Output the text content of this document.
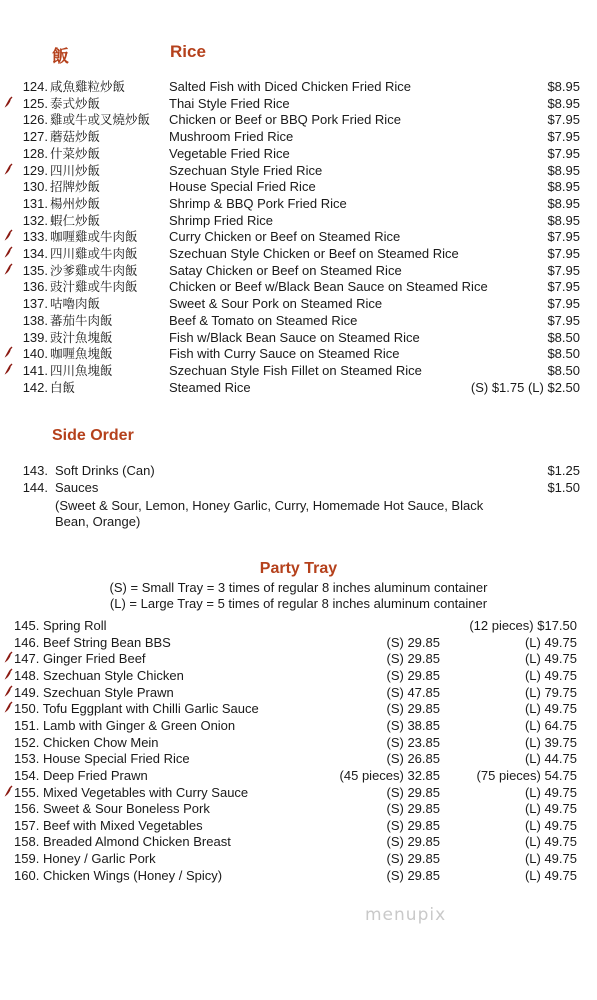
飯	Rice
124. 咸魚雞粒炒飯	Salted Fish with Diced Chicken Fried Rice	$8.95
125. 泰式炒飯	Thai Style Fried Rice	$8.95
126. 雞或牛或叉燒炒飯 Chicken or Beef or BBQ Pork Fried Rice	$7.95
127. 蘑菇炒飯	Mushroom Fried Rice	$7.95
128. 什菜炒飯	Vegetable Fried Rice	$7.95
129. 四川炒飯	Szechuan Style Fried Rice	$8.95
130. 招牌炒飯	House Special Fried Rice	$8.95
131. 楊州炒飯	Shrimp & BBQ Pork Fried Rice	$8.95
132. 蝦仁炒飯	Shrimp Fried Rice	$8.95
133. 咖喱雞或牛肉飯 Curry Chicken or Beef on Steamed Rice	$7.95
134. 四川雞或牛肉飯 Szechuan Style Chicken or Beef on Steamed Rice	$7.95
135. 沙爹雞或牛肉飯 Satay Chicken or Beef on Steamed Rice	$7.95
136. 豉汁雞或牛肉飯 Chicken or Beef w/Black Bean Sauce on Steamed Rice	$7.95
137. 咕嚕肉飯	Sweet & Sour Pork on Steamed Rice	$7.95
138. 蕃茄牛肉飯	Beef & Tomato on Steamed Rice	$7.95
139. 豉汁魚塊飯	Fish w/Black Bean Sauce on Steamed Rice	$8.50
140. 咖喱魚塊飯	Fish with Curry Sauce on Steamed Rice	$8.50
141. 四川魚塊飯	Szechuan Style Fish Fillet on Steamed Rice	$8.50
142. 白飯	Steamed Rice	(S) $1.75 (L) $2.50
Side Order
143. Soft Drinks (Can)	$1.25
144. Sauces	$1.50
(Sweet & Sour, Lemon, Honey Garlic, Curry, Homemade Hot Sauce, Black Bean, Orange)
Party Tray
(S) = Small Tray = 3 times of regular 8 inches aluminum container
(L) = Large Tray = 5 times of regular 8 inches aluminum container
145. Spring Roll	(12 pieces) $17.50
146. Beef String Bean BBS	(S) 29.85	(L) 49.75
147. Ginger Fried Beef	(S) 29.85	(L) 49.75
148. Szechuan Style Chicken	(S) 29.85	(L) 49.75
149. Szechuan Style Prawn	(S) 47.85	(L) 79.75
150. Tofu Eggplant with Chilli Garlic Sauce	(S) 29.85	(L) 49.75
151. Lamb with Ginger & Green Onion	(S) 38.85	(L) 64.75
152. Chicken Chow Mein	(S) 23.85	(L) 39.75
153. House Special Fried Rice	(S) 26.85	(L) 44.75
154. Deep Fried Prawn	(45 pieces) 32.85	(75 pieces) 54.75
155. Mixed Vegetables with Curry Sauce	(S) 29.85	(L) 49.75
156. Sweet & Sour Boneless Pork	(S) 29.85	(L) 49.75
157. Beef with Mixed Vegetables	(S) 29.85	(L) 49.75
158. Breaded Almond Chicken Breast	(S) 29.85	(L) 49.75
159. Honey / Garlic Pork	(S) 29.85	(L) 49.75
160. Chicken Wings (Honey / Spicy)	(S) 29.85	(L) 49.75
menupix
